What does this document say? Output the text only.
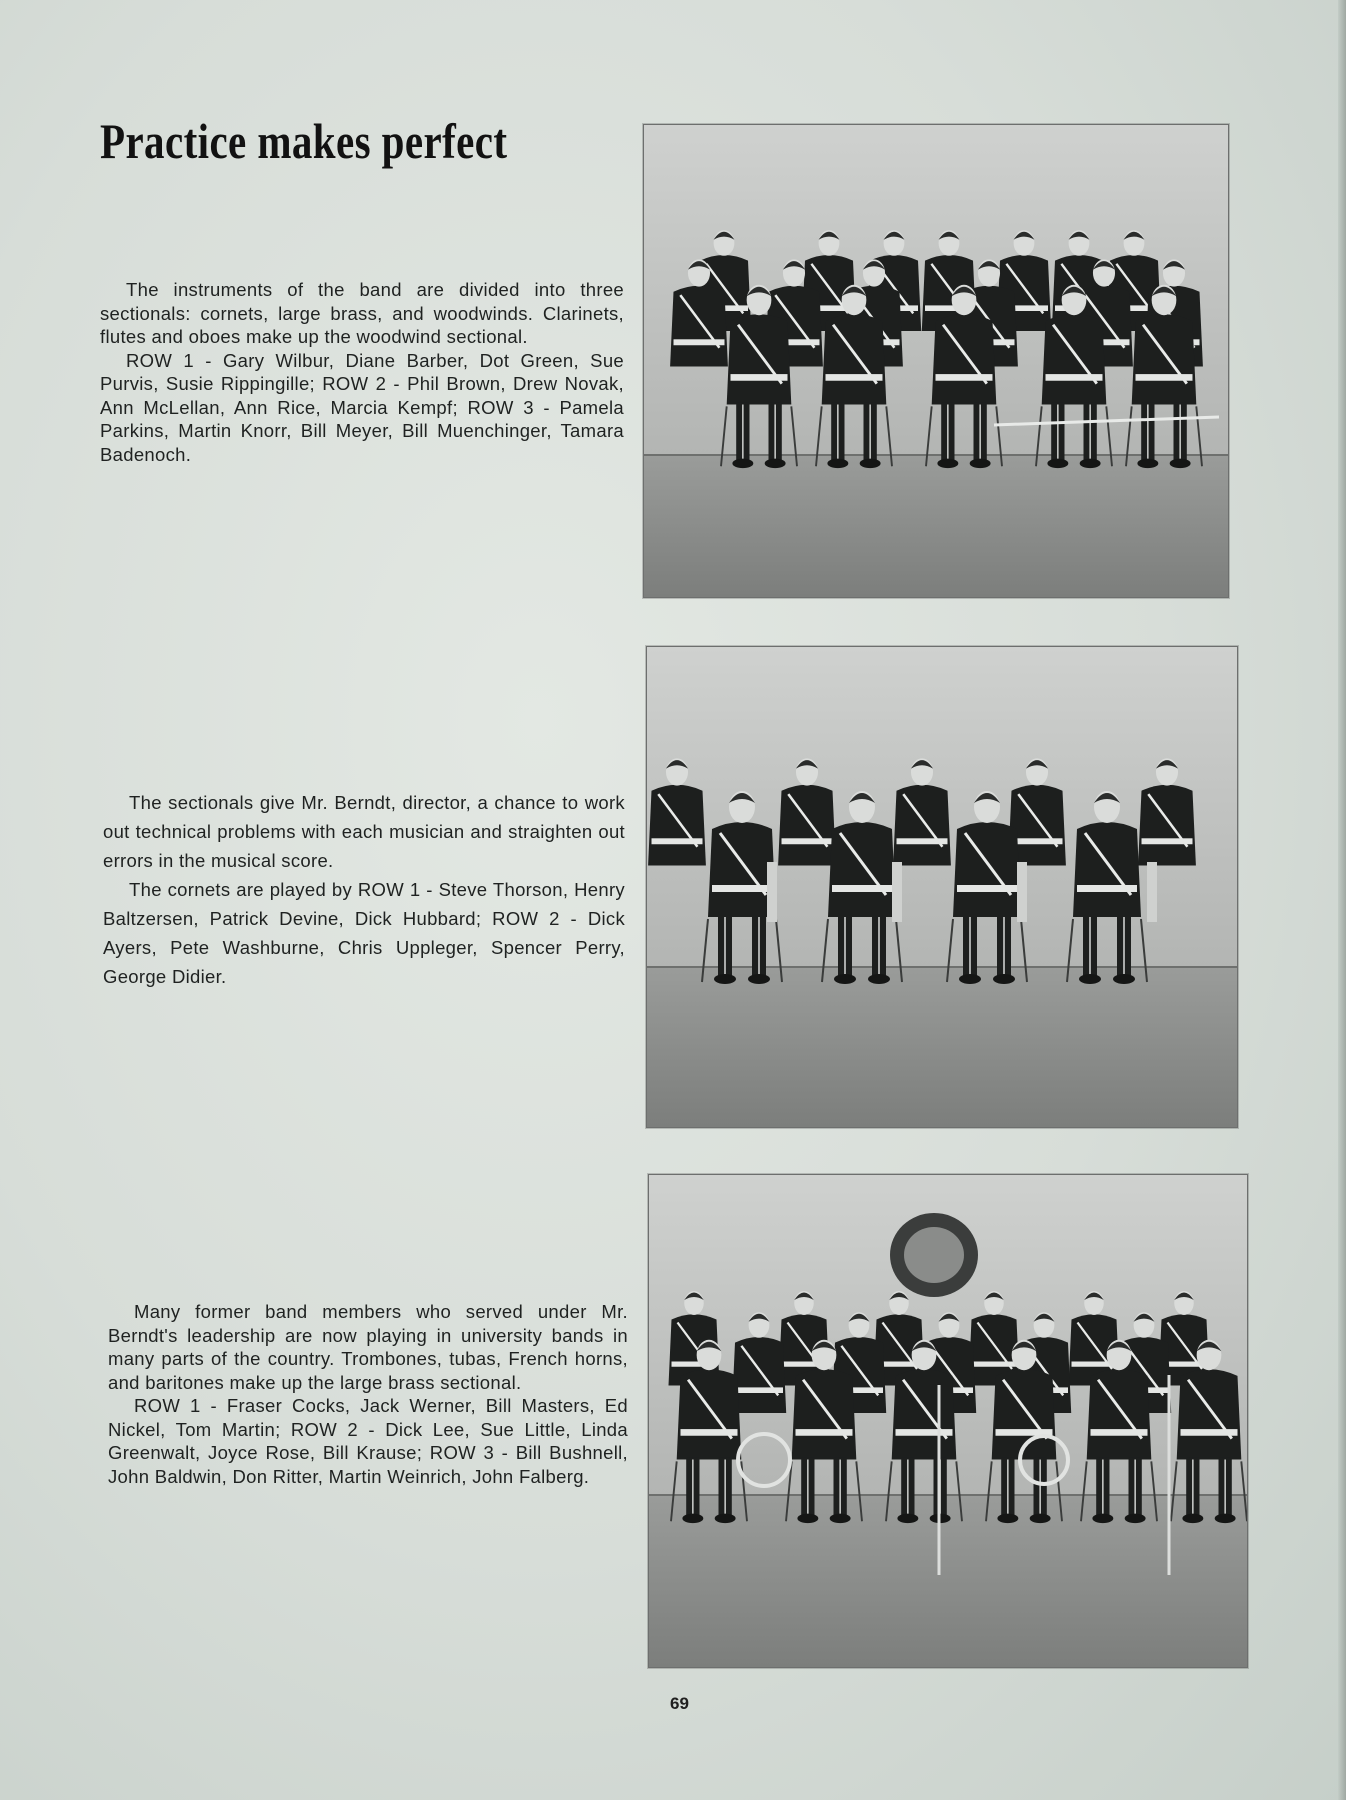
Practice makes perfect

The instruments of the band are divided into three sectionals: cornets, large brass, and woodwinds. Clarinets, flutes and oboes make up the woodwind sectional.

ROW 1 - Gary Wilbur, Diane Barber, Dot Green, Sue Purvis, Susie Rippingille; ROW 2 - Phil Brown, Drew Novak, Ann McLellan, Ann Rice, Marcia Kempf; ROW 3 - Pamela Parkins, Martin Knorr, Bill Meyer, Bill Muenchinger, Tamara Badenoch.

The sectionals give Mr. Berndt, director, a chance to work out technical problems with each musician and straighten out errors in the musical score.

The cornets are played by ROW 1 - Steve Thorson, Henry Baltzersen, Patrick Devine, Dick Hubbard; ROW 2 - Dick Ayers, Pete Washburne, Chris Uppleger, Spencer Perry, George Didier.

Many former band members who served under Mr. Berndt's leadership are now playing in university bands in many parts of the country. Trombones, tubas, French horns, and baritones make up the large brass sectional.

ROW 1 - Fraser Cocks, Jack Werner, Bill Masters, Ed Nickel, Tom Martin; ROW 2 - Dick Lee, Sue Little, Linda Greenwalt, Joyce Rose, Bill Krause; ROW 3 - Bill Bushnell, John Baldwin, Don Ritter, Martin Weinrich, John Falberg.

69
